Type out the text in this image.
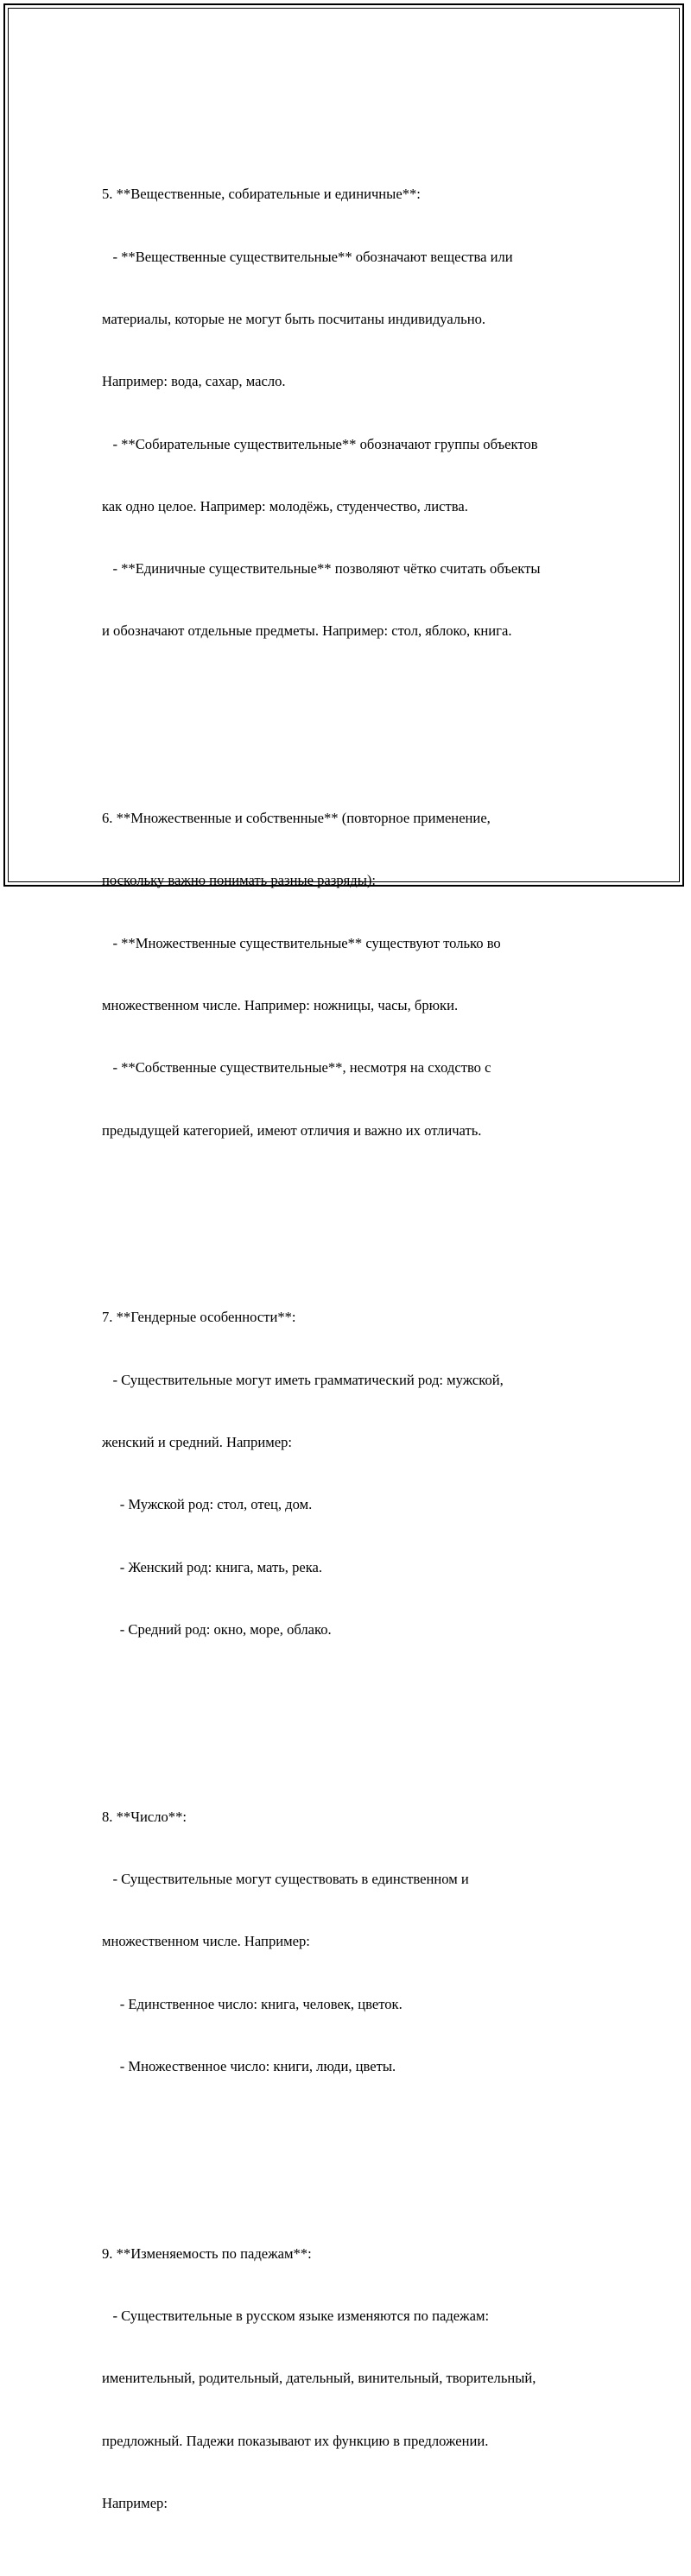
5. **Вещественные, собирательные и единичные**:

- **Вещественные существительные** обозначают вещества или

материалы, которые не могут быть посчитаны индивидуально.

Например: вода, сахар, масло.

- **Собирательные существительные** обозначают группы объектов

как одно целое. Например: молодёжь, студенчество, листва.

- **Единичные существительные** позволяют чётко считать объекты

и обозначают отдельные предметы. Например: стол, яблоко, книга.

6. **Множественные и собственные** (повторное применение,

поскольку важно понимать разные разряды):

- **Множественные существительные** существуют только во

множественном числе. Например: ножницы, часы, брюки.

- **Собственные существительные**, несмотря на сходство с

предыдущей категорией, имеют отличия и важно их отличать.

7. **Гендерные особенности**:

- Существительные могут иметь грамматический род: мужской,

женский и средний. Например:

- Мужской род: стол, отец, дом.

- Женский род: книга, мать, река.

- Средний род: окно, море, облако.

8. **Число**:

- Существительные могут существовать в единственном и

множественном числе. Например:

- Единственное число: книга, человек, цветок.

- Множественное число: книги, люди, цветы.

9. **Изменяемость по падежам**:

- Существительные в русском языке изменяются по падежам:

именительный, родительный, дательный, винительный, творительный,

предложный. Падежи показывают их функцию в предложении.

Например:
